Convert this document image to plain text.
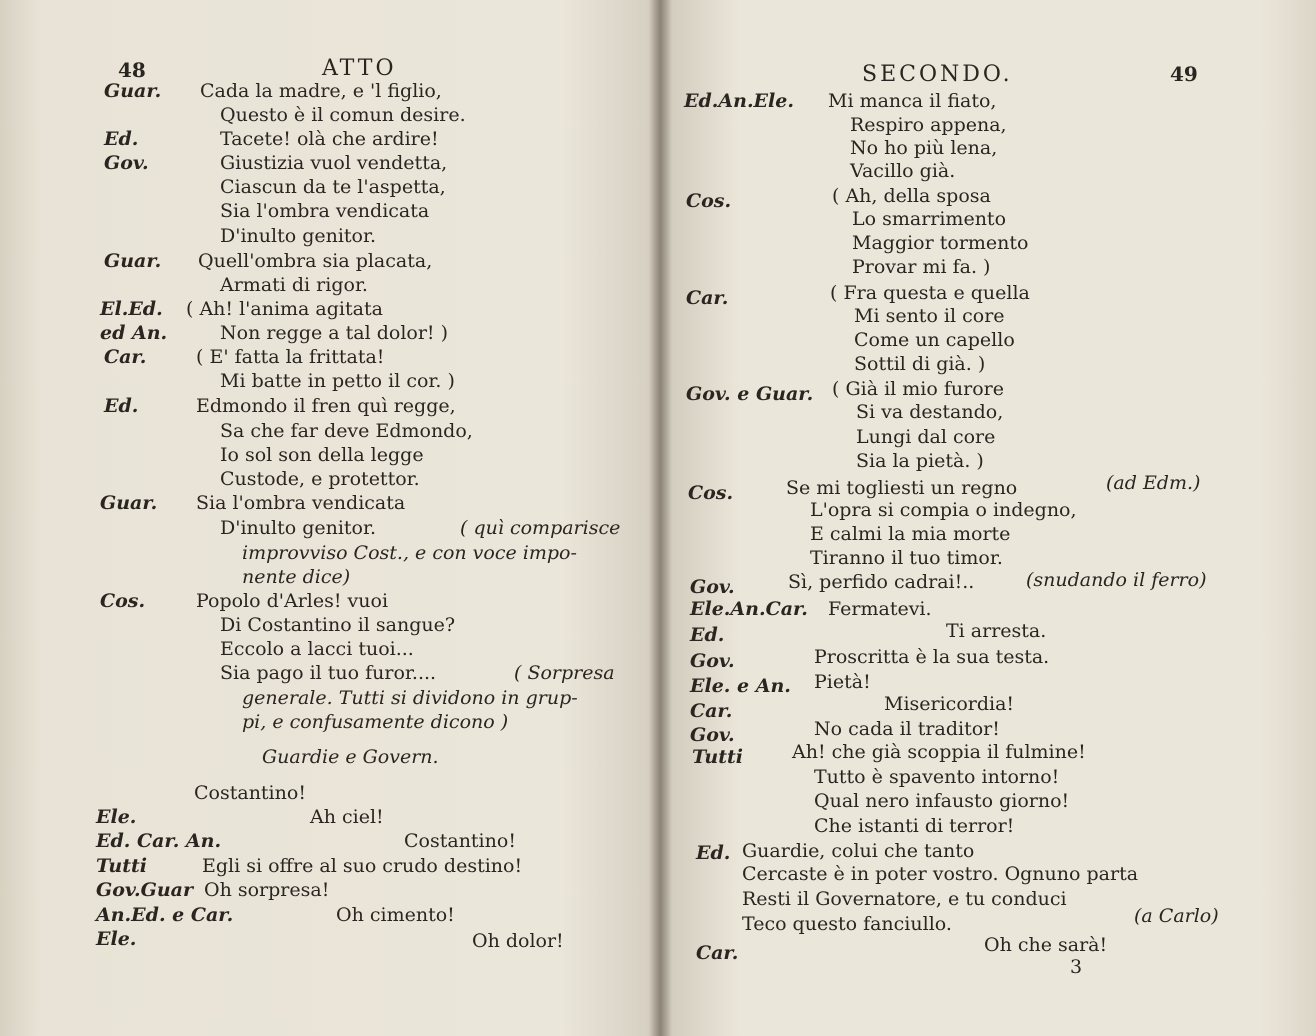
48	ATTO
Guar. Cada la madre, e 'l figlio,
Questo è il comun desire.
Ed.	Tacete! olà che ardire!
Gov.	Giustizia vuol vendetta,
Ciascun da te l'aspetta,
Sia l'ombra vendicata
D'inulto genitor.
Guar. Quell'ombra sia placata,
Armati di rigor.
El.Ed. ( Ah! l'anima agitata
ed An.	Non regge a tal dolor! )
Car.	( E' fatta la frittata!
Mi batte in petto il cor. )
Ed.	Edmondo il fren quì regge,
Sa che far deve Edmondo,
Io sol son della legge
Custode, e protettor.
Guar. Sia l'ombra vendicata
D'inulto genitor.	( quì comparisce
improvviso Cost., e con voce impo-
nente dice)
Cos.	Popolo d'Arles! vuoi
Di Costantino il sangue?
Eccolo a lacci tuoi...
Sia pago il tuo furor....	( Sorpresa
generale. Tutti si dividono in grup-
pi, e confusamente dicono )
Guardie e Govern.
Costantino!
Ele.	Ah ciel!
Ed. Car. An.	Costantino!
Tutti	Egli si offre al suo crudo destino!
Gov.Guar Oh sorpresa!
An.Ed. e Car.	Oh cimento!
Ele.	Oh dolor!
SECONDO.	49
Ed.An.Ele. Mi manca il fiato,
Respiro appena,
No ho più lena,
Vacillo già.
Cos.	( Ah, della sposa
Lo smarrimento
Maggior tormento
Provar mi fa. )
Car.	( Fra questa e quella
Mi sento il core
Come un capello
Sottil di già. )
Gov. e Guar. ( Già il mio furore
Si va destando,
Lungi dal core
Sia la pietà. )
Cos.	Se mi togliesti un regno	(ad Edm.)
L'opra si compia o indegno,
E calmi la mia morte
Tiranno il tuo timor.
Gov.	Sì, perfido cadrai!..	(snudando il ferro)
Ele.An.Car. Fermatevi.
Ed.	Ti arresta.
Gov.	Proscritta è la sua testa.
Ele. e An. Pietà!
Car.	Misericordia!
Gov.	No cada il traditor!
Tutti	Ah! che già scoppia il fulmine!
Tutto è spavento intorno!
Qual nero infausto giorno!
Che istanti di terror!
Ed. Guardie, colui che tanto
Cercaste è in poter vostro. Ognuno parta
Resti il Governatore, e tu conduci
Teco questo fanciullo.	(a Carlo)
Car.	Oh che sarà!
3
